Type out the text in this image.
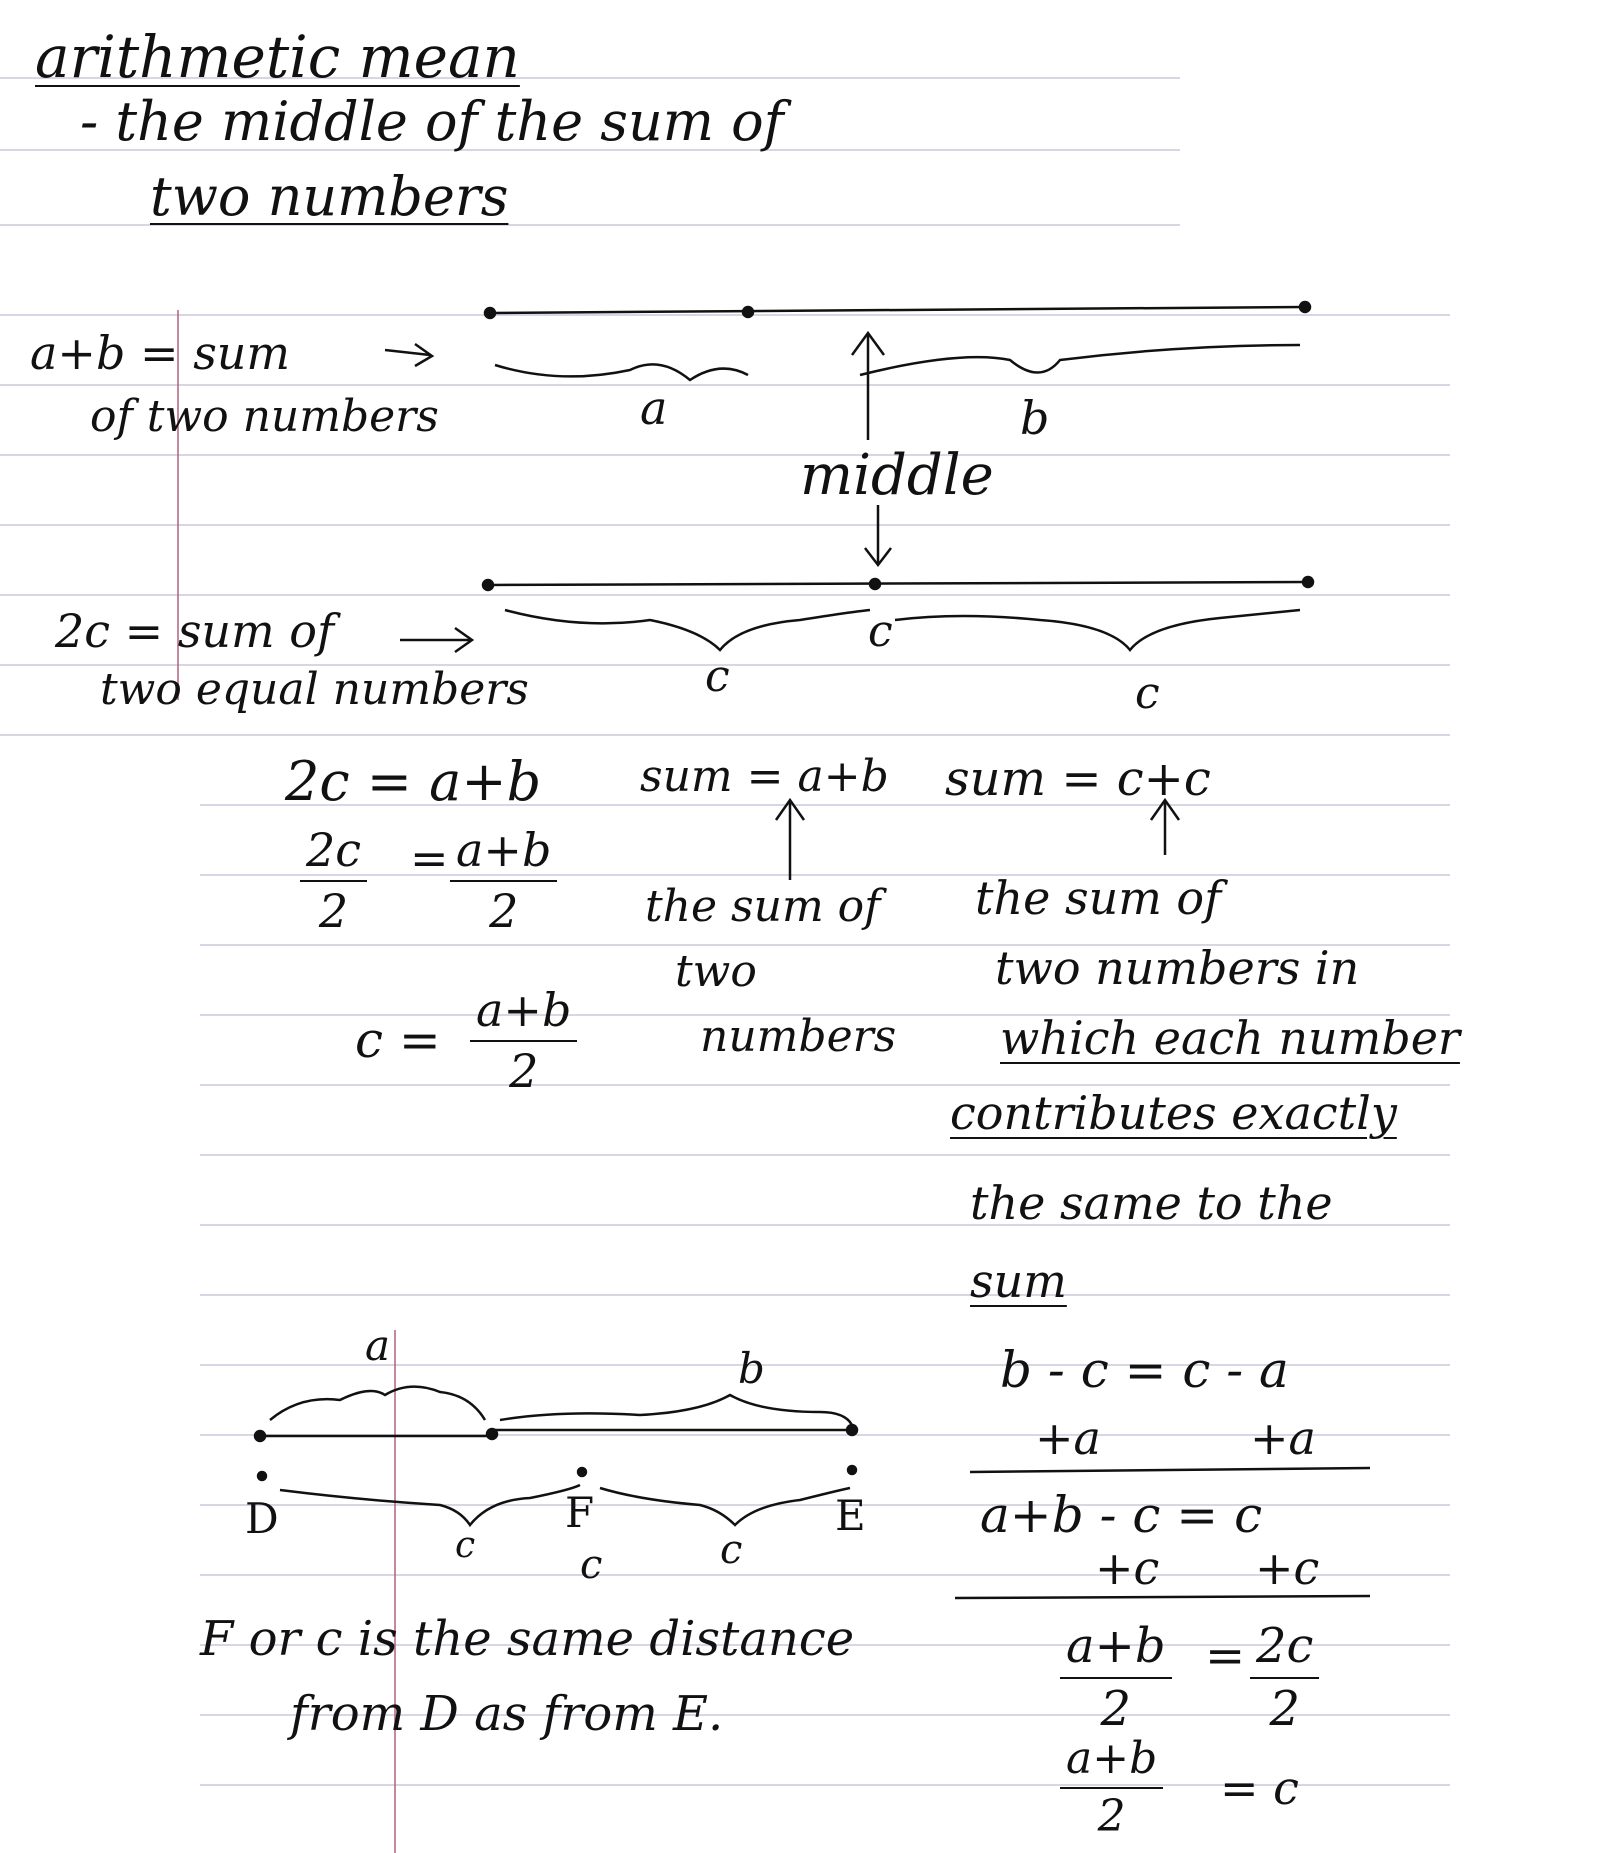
arithmetic mean
- the middle of the sum of
two numbers
a+b = sum
of two numbers	a	b
middle
2c = sum of
two equal numbers	c
c
c
2c = a+b
$\frac{2c}{2} = \frac{a+b}{2}$
$c = \frac{a+b}{2}$
sum = a+b sum = c+c
the sum of
two
numbers
the sum of
two numbers in
which each number
contributes exactly
the same to the
sum
a	b
D	F	E
c	c	c
F or c is the same distance
from D as from E.
b - c = c - a
+a	+a
a+b - c = c
+c +c
$\frac{a+b}{2} = \frac{2c}{2}$
$\frac{a+b}{2} = c$
